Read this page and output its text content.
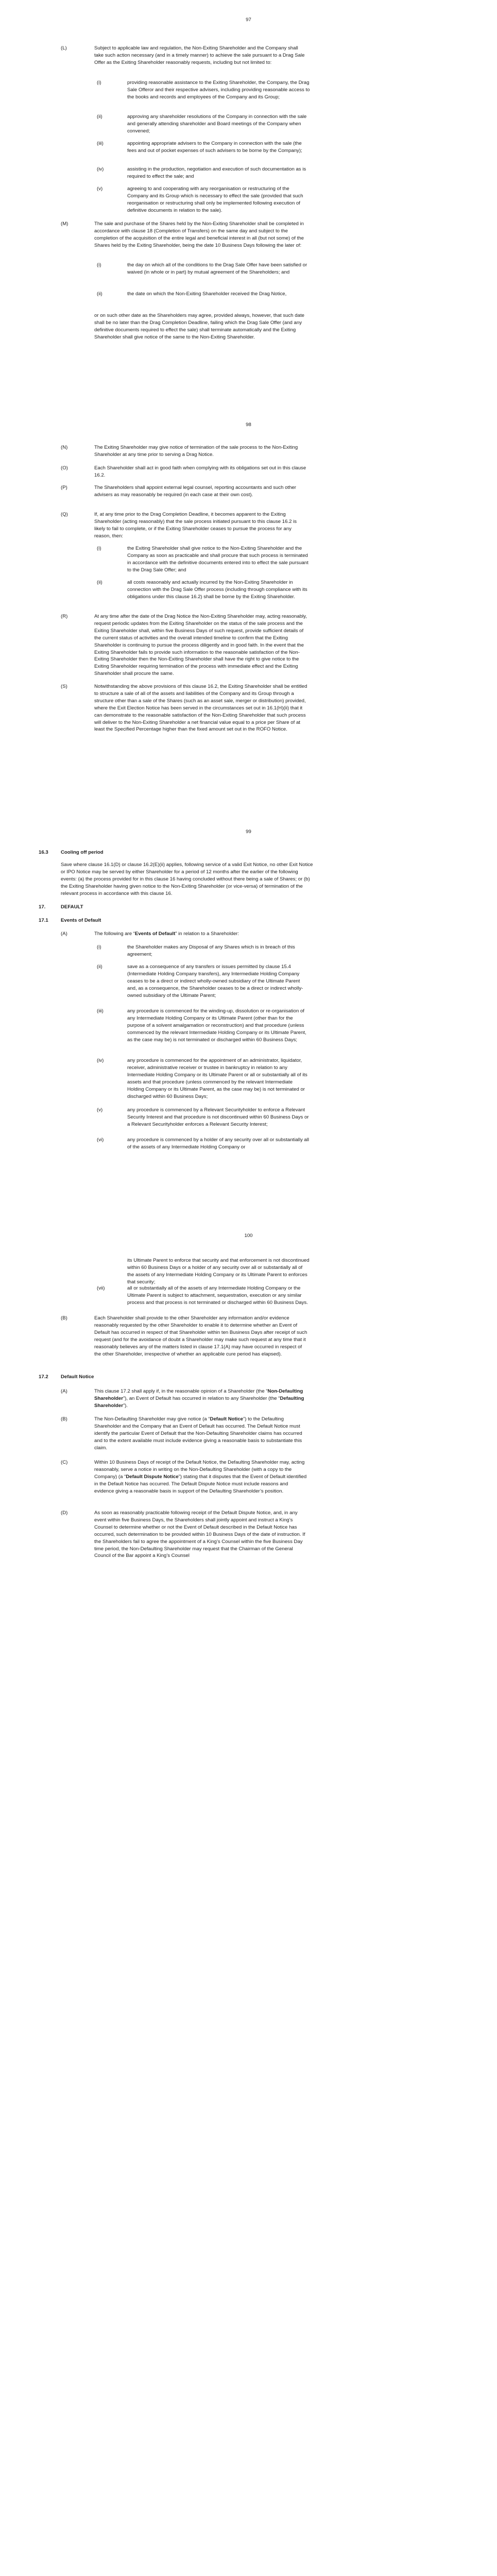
97
(L)	Subject to applicable law and regulation, the Non-Exiting Shareholder and the Company shall take such action necessary (and in a timely manner) to achieve the sale pursuant to a Drag Sale Offer as the Exiting Shareholder reasonably requests, including but not limited to:

(i)	providing reasonable assistance to the Exiting Shareholder, the Company, the Drag Sale Offeror and their respective advisers, including providing reasonable access to the books and records and employees of the Company and its Group;

(ii)	approving any shareholder resolutions of the Company in connection with the sale and generally attending shareholder and Board meetings of the Company when convened;

(iii)	appointing appropriate advisers to the Company in connection with the sale (the fees and out of pocket expenses of such advisers to be borne by the Company);

(iv)	assisting in the production, negotiation and execution of such documentation as is required to effect the sale; and

(v)	agreeing to and cooperating with any reorganisation or restructuring of the Company and its Group which is necessary to effect the sale (provided that such reorganisation or restructuring shall only be implemented following execution of definitive documents in relation to the sale).

(M)	The sale and purchase of the Shares held by the Non-Exiting Shareholder shall be completed in accordance with clause 18 (Completion of Transfers) on the same day and subject to the completion of the acquisition of the entire legal and beneficial interest in all (but not some) of the Shares held by the Exiting Shareholder, being the date 10 Business Days following the later of:

(i)	the day on which all of the conditions to the Drag Sale Offer have been satisfied or waived (in whole or in part) by mutual agreement of the Shareholders; and

(ii)	the date on which the Non-Exiting Shareholder received the Drag Notice,

or on such other date as the Shareholders may agree, provided always, however, that such date shall be no later than the Drag Completion Deadline, failing which the Drag Sale Offer (and any definitive documents required to effect the sale) shall terminate automatically and the Exiting Shareholder shall give notice of the same to the Non-Exiting Shareholder.

98
(N)	The Exiting Shareholder may give notice of termination of the sale process to the Non-Exiting Shareholder at any time prior to serving a Drag Notice.

(O)	Each Shareholder shall act in good faith when complying with its obligations set out in this clause 16.2.

(P)	The Shareholders shall appoint external legal counsel, reporting accountants and such other advisers as may reasonably be required (in each case at their own cost).

(Q)	If, at any time prior to the Drag Completion Deadline, it becomes apparent to the Exiting Shareholder (acting reasonably) that the sale process initiated pursuant to this clause 16.2 is likely to fail to complete, or if the Exiting Shareholder ceases to pursue the process for any reason, then:

(i)	the Exiting Shareholder shall give notice to the Non-Exiting Shareholder and the Company as soon as practicable and shall procure that such process is terminated in accordance with the definitive documents entered into to effect the sale pursuant to the Drag Sale Offer; and

(ii)	all costs reasonably and actually incurred by the Non-Exiting Shareholder in connection with the Drag Sale Offer process (including through compliance with its obligations under this clause 16.2) shall be borne by the Exiting Shareholder.

(R)	At any time after the date of the Drag Notice the Non-Exiting Shareholder may, acting reasonably, request periodic updates from the Exiting Shareholder on the status of the sale process and the Exiting Shareholder shall, within five Business Days of such request, provide sufficient details of the current status of activities and the overall intended timeline to confirm that the Exiting Shareholder is continuing to pursue the process diligently and in good faith. In the event that the Exiting Shareholder fails to provide such information to the reasonable satisfaction of the Non-Exiting Shareholder then the Non-Exiting Shareholder shall have the right to give notice to the Exiting Shareholder requiring termination of the process with immediate effect and the Exiting Shareholder shall procure the same.

(S)	Notwithstanding the above provisions of this clause 16.2, the Exiting Shareholder shall be entitled to structure a sale of all of the assets and liabilities of the Company and its Group through a structure other than a sale of the Shares (such as an asset sale, merger or distribution) provided, where the Exit Election Notice has been served in the circumstances set out in 16.1(H)(ii) that it can demonstrate to the reasonable satisfaction of the Non-Exiting Shareholder that such process will deliver to the Non-Exiting Shareholder a net financial value equal to a price per Share of at least the Specified Percentage higher than the fixed amount set out in the ROFO Notice.

99
16.3	Cooling off period

Save where clause 16.1(D) or clause 16.2(E)(ii) applies, following service of a valid Exit Notice, no other Exit Notice or IPO Notice may be served by either Shareholder for a period of 12 months after the earlier of the following events: (a) the process provided for in this clause 16 having concluded without there being a sale of Shares; or (b) the Exiting Shareholder having given notice to the Non-Exiting Shareholder (or vice-versa) of termination of the relevant process in accordance with this clause 16.

17.	DEFAULT
17.1	Events of Default
(A)	The following are “Events of Default” in relation to a Shareholder:

(i)	the Shareholder makes any Disposal of any Shares which is in breach of this agreement;

(ii)	save as a consequence of any transfers or issues permitted by clause 15.4 (Intermediate Holding Company transfers), any Intermediate Holding Company ceases to be a direct or indirect wholly-owned subsidiary of the Ultimate Parent and, as a consequence, the Shareholder ceases to be a direct or indirect wholly-owned subsidiary of the Ultimate Parent;

(iii)	any procedure is commenced for the winding-up, dissolution or re-organisation of any Intermediate Holding Company or its Ultimate Parent (other than for the purpose of a solvent amalgamation or reconstruction) and that procedure (unless commenced by the relevant Intermediate Holding Company or its Ultimate Parent, as the case may be) is not terminated or discharged within 60 Business Days;

(iv)	any procedure is commenced for the appointment of an administrator, liquidator, receiver, administrative receiver or trustee in bankruptcy in relation to any Intermediate Holding Company or its Ultimate Parent or all or substantially all of its assets and that procedure (unless commenced by the relevant Intermediate Holding Company or its Ultimate Parent, as the case may be) is not terminated or discharged within 60 Business Days;

(v)	any procedure is commenced by a Relevant Securityholder to enforce a Relevant Security Interest and that procedure is not discontinued within 60 Business Days or a Relevant Securityholder enforces a Relevant Security Interest;

(vi)	any procedure is commenced by a holder of any security over all or substantially all of the assets of any Intermediate Holding Company or

100

its Ultimate Parent to enforce that security and that enforcement is not discontinued within 60 Business Days or a holder of any security over all or substantially all of the assets of any Intermediate Holding Company or its Ultimate Parent to enforces that security;

(vii)	all or substantially all of the assets of any Intermediate Holding Company or the Ultimate Parent is subject to attachment, sequestration, execution or any similar process and that process is not terminated or discharged within 60 Business Days.

(B)	Each Shareholder shall provide to the other Shareholder any information and/or evidence reasonably requested by the other Shareholder to enable it to determine whether an Event of Default has occurred in respect of that Shareholder within ten Business Days after receipt of such request (and for the avoidance of doubt a Shareholder may make such request at any time that it reasonably believes any of the matters listed in clause 17.1(A) may have occurred in respect of the other Shareholder, irrespective of whether an applicable cure period has elapsed).

17.2	Default Notice
(A)	This clause 17.2 shall apply if, in the reasonable opinion of a Shareholder (the “Non-Defaulting Shareholder”), an Event of Default has occurred in relation to any Shareholder (the “Defaulting Shareholder”).

(B)	The Non-Defaulting Shareholder may give notice (a “Default Notice”) to the Defaulting Shareholder and the Company that an Event of Default has occurred. The Default Notice must identify the particular Event of Default that the Non-Defaulting Shareholder claims has occurred and to the extent available must include evidence giving a reasonable basis to substantiate this claim.

(C)	Within 10 Business Days of receipt of the Default Notice, the Defaulting Shareholder may, acting reasonably, serve a notice in writing on the Non-Defaulting Shareholder (with a copy to the Company) (a “Default Dispute Notice”) stating that it disputes that the Event of Default identified in the Default Notice has occurred. The Default Dispute Notice must include reasons and evidence giving a reasonable basis in support of the Defaulting Shareholder’s position.

(D)	As soon as reasonably practicable following receipt of the Default Dispute Notice, and, in any event within five Business Days, the Shareholders shall jointly appoint and instruct a King’s Counsel to determine whether or not the Event of Default described in the Default Notice has occurred, such determination to be provided within 10 Business Days of the date of instruction. If the Shareholders fail to agree the appointment of a King’s Counsel within the five Business Day time period, the Non-Defaulting Shareholder may request that the Chairman of the General Council of the Bar appoint a King’s Counsel
